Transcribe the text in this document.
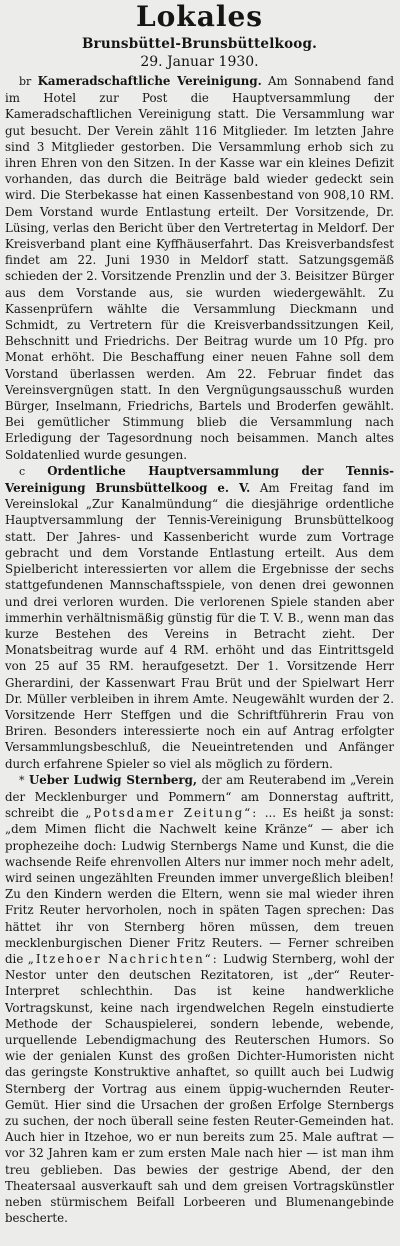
Lokales
Brunsbüttel-Brunsbüttelkoog.
29. Januar 1930.

br Kameradschaftliche Vereinigung. Am Sonnabend fand im Hotel zur Post die Hauptversammlung der Kameradschaftlichen Vereinigung statt. Die Versammlung war gut besucht. Der Verein zählt 116 Mitglieder. Im letzten Jahre sind 3 Mitglieder gestorben. Die Versammlung erhob sich zu ihren Ehren von den Sitzen. In der Kasse war ein kleines Defizit vorhanden, das durch die Beiträge bald wieder gedeckt sein wird. Die Sterbekasse hat einen Kassenbestand von 908,10 RM. Dem Vorstand wurde Entlastung erteilt. Der Vorsitzende, Dr. Lüsing, verlas den Bericht über den Vertretertag in Meldorf. Der Kreisverband plant eine Kyffhäuserfahrt. Das Kreisverbandsfest findet am 22. Juni 1930 in Meldorf statt. Satzungsgemäß schieden der 2. Vorsitzende Prenzlin und der 3. Beisitzer Bürger aus dem Vorstande aus, sie wurden wiedergewählt. Zu Kassenprüfern wählte die Versammlung Dieckmann und Schmidt, zu Vertretern für die Kreisverbandssitzungen Keil, Behschnitt und Friedrichs. Der Beitrag wurde um 10 Pfg. pro Monat erhöht. Die Beschaffung einer neuen Fahne soll dem Vorstand überlassen werden. Am 22. Februar findet das Vereinsvergnügen statt. In den Vergnügungsausschuß wurden Bürger, Inselmann, Friedrichs, Bartels und Broderfen gewählt. Bei gemütlicher Stimmung blieb die Versammlung nach Erledigung der Tagesordnung noch beisammen. Manch altes Soldatenlied wurde gesungen.

c Ordentliche Hauptversammlung der Tennis-Vereinigung Brunsbüttelkoog e. V. Am Freitag fand im Vereinslokal „Zur Kanalmündung“ die diesjährige ordentliche Hauptversammlung der Tennis-Vereinigung Brunsbüttelkoog statt. Der Jahres- und Kassenbericht wurde zum Vortrage gebracht und dem Vorstande Entlastung erteilt. Aus dem Spielbericht interessierten vor allem die Ergebnisse der sechs stattgefundenen Mannschaftsspiele, von denen drei gewonnen und drei verloren wurden. Die verlorenen Spiele standen aber immerhin verhältnismäßig günstig für die T. V. B., wenn man das kurze Bestehen des Vereins in Betracht zieht. Der Monatsbeitrag wurde auf 4 RM. erhöht und das Eintrittsgeld von 25 auf 35 RM. heraufgesetzt. Der 1. Vorsitzende Herr Gherardini, der Kassenwart Frau Brüt und der Spielwart Herr Dr. Müller verbleiben in ihrem Amte. Neugewählt wurden der 2. Vorsitzende Herr Steffgen und die Schriftführerin Frau von Briren. Besonders interessierte noch ein auf Antrag erfolgter Versammlungsbeschluß, die Neueintretenden und Anfänger durch erfahrene Spieler so viel als möglich zu fördern.

* Ueber Ludwig Sternberg, der am Reuterabend im „Verein der Mecklenburger und Pommern“ am Donnerstag auftritt, schreibt die „Potsdamer Zeitung“: ... Es heißt ja sonst: „dem Mimen flicht die Nachwelt keine Kränze“ — aber ich prophezeihe doch: Ludwig Sternbergs Name und Kunst, die die wachsende Reife ehrenvollen Alters nur immer noch mehr adelt, wird seinen ungezählten Freunden immer unvergeßlich bleiben! Zu den Kindern werden die Eltern, wenn sie mal wieder ihren Fritz Reuter hervorholen, noch in späten Tagen sprechen: Das hättet ihr von Sternberg hören müssen, dem treuen mecklenburgischen Diener Fritz Reuters. — Ferner schreiben die „Itzehoer Nachrichten“: Ludwig Sternberg, wohl der Nestor unter den deutschen Rezitatoren, ist „der“ Reuter-Interpret schlechthin. Das ist keine handwerkliche Vortragskunst, keine nach irgendwelchen Regeln einstudierte Methode der Schauspielerei, sondern lebende, webende, urquellende Lebendigmachung des Reuterschen Humors. So wie der genialen Kunst des großen Dichter-Humoristen nicht das geringste Konstruktive anhaftet, so quillt auch bei Ludwig Sternberg der Vortrag aus einem üppig-wuchernden Reuter-Gemüt. Hier sind die Ursachen der großen Erfolge Sternbergs zu suchen, der noch überall seine festen Reuter-Gemeinden hat. Auch hier in Itzehoe, wo er nun bereits zum 25. Male auftrat — vor 32 Jahren kam er zum ersten Male nach hier — ist man ihm treu geblieben. Das bewies der gestrige Abend, der den Theatersaal ausverkauft sah und dem greisen Vortragskünstler neben stürmischem Beifall Lorbeeren und Blumenangebinde bescherte.
